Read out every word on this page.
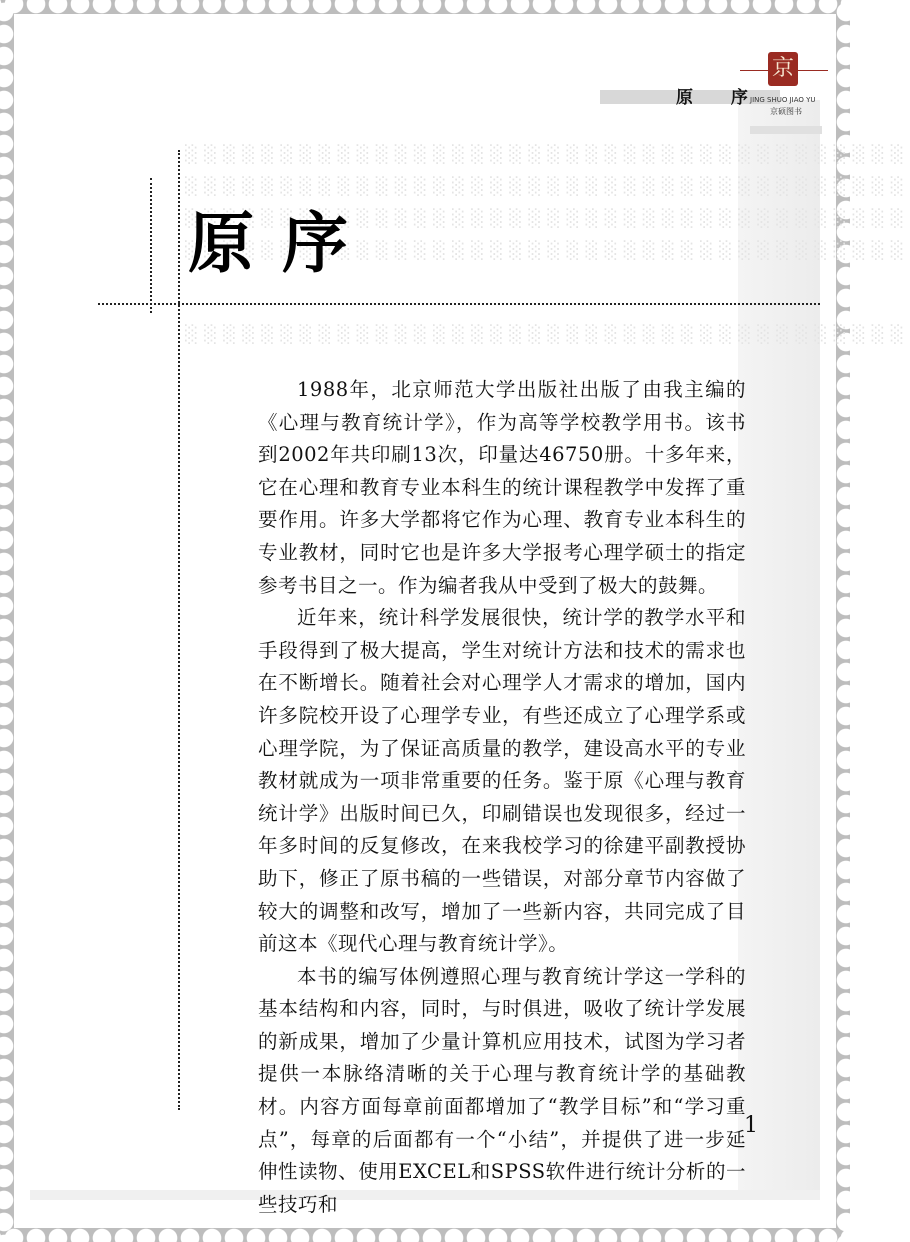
░░░░░░░░░░░░░░░░░░░░░░░░░░░░░░░░░░░░░░
░░░░░░░░░░░░░░░░░░░░░░░░░░░░░░░░░░░░░░
░░░░░░░░░░░░░░░░░░░░░░░░░░░░░░░░░░░░░░
░░░░░░░░░░░░░░░░░░░░░░░░░░░░░░░░░░░░░░
░░░░░░░░░░░░░░░░░░░░░░░░░░░░░░░░░░░░░░
原 序
京
JING SHUO JIAO YU
京硕图书
原序

1988年，北京师范大学出版社出版了由我主编的《心理与教育统计学》，作为高等学校教学用书。该书到2002年共印刷13次，印量达46750册。十多年来，它在心理和教育专业本科生的统计课程教学中发挥了重要作用。许多大学都将它作为心理、教育专业本科生的专业教材，同时它也是许多大学报考心理学硕士的指定参考书目之一。作为编者我从中受到了极大的鼓舞。

近年来，统计科学发展很快，统计学的教学水平和手段得到了极大提高，学生对统计方法和技术的需求也在不断增长。随着社会对心理学人才需求的增加，国内许多院校开设了心理学专业，有些还成立了心理学系或心理学院，为了保证高质量的教学，建设高水平的专业教材就成为一项非常重要的任务。鉴于原《心理与教育统计学》出版时间已久，印刷错误也发现很多，经过一年多时间的反复修改，在来我校学习的徐建平副教授协助下，修正了原书稿的一些错误，对部分章节内容做了较大的调整和改写，增加了一些新内容，共同完成了目前这本《现代心理与教育统计学》。

本书的编写体例遵照心理与教育统计学这一学科的基本结构和内容，同时，与时俱进，吸收了统计学发展的新成果，增加了少量计算机应用技术，试图为学习者提供一本脉络清晰的关于心理与教育统计学的基础教材。内容方面每章前面都增加了“教学目标”和“学习重点”，每章的后面都有一个“小结”，并提供了进一步延伸性读物、使用EXCEL和SPSS软件进行统计分析的一些技巧和

1
